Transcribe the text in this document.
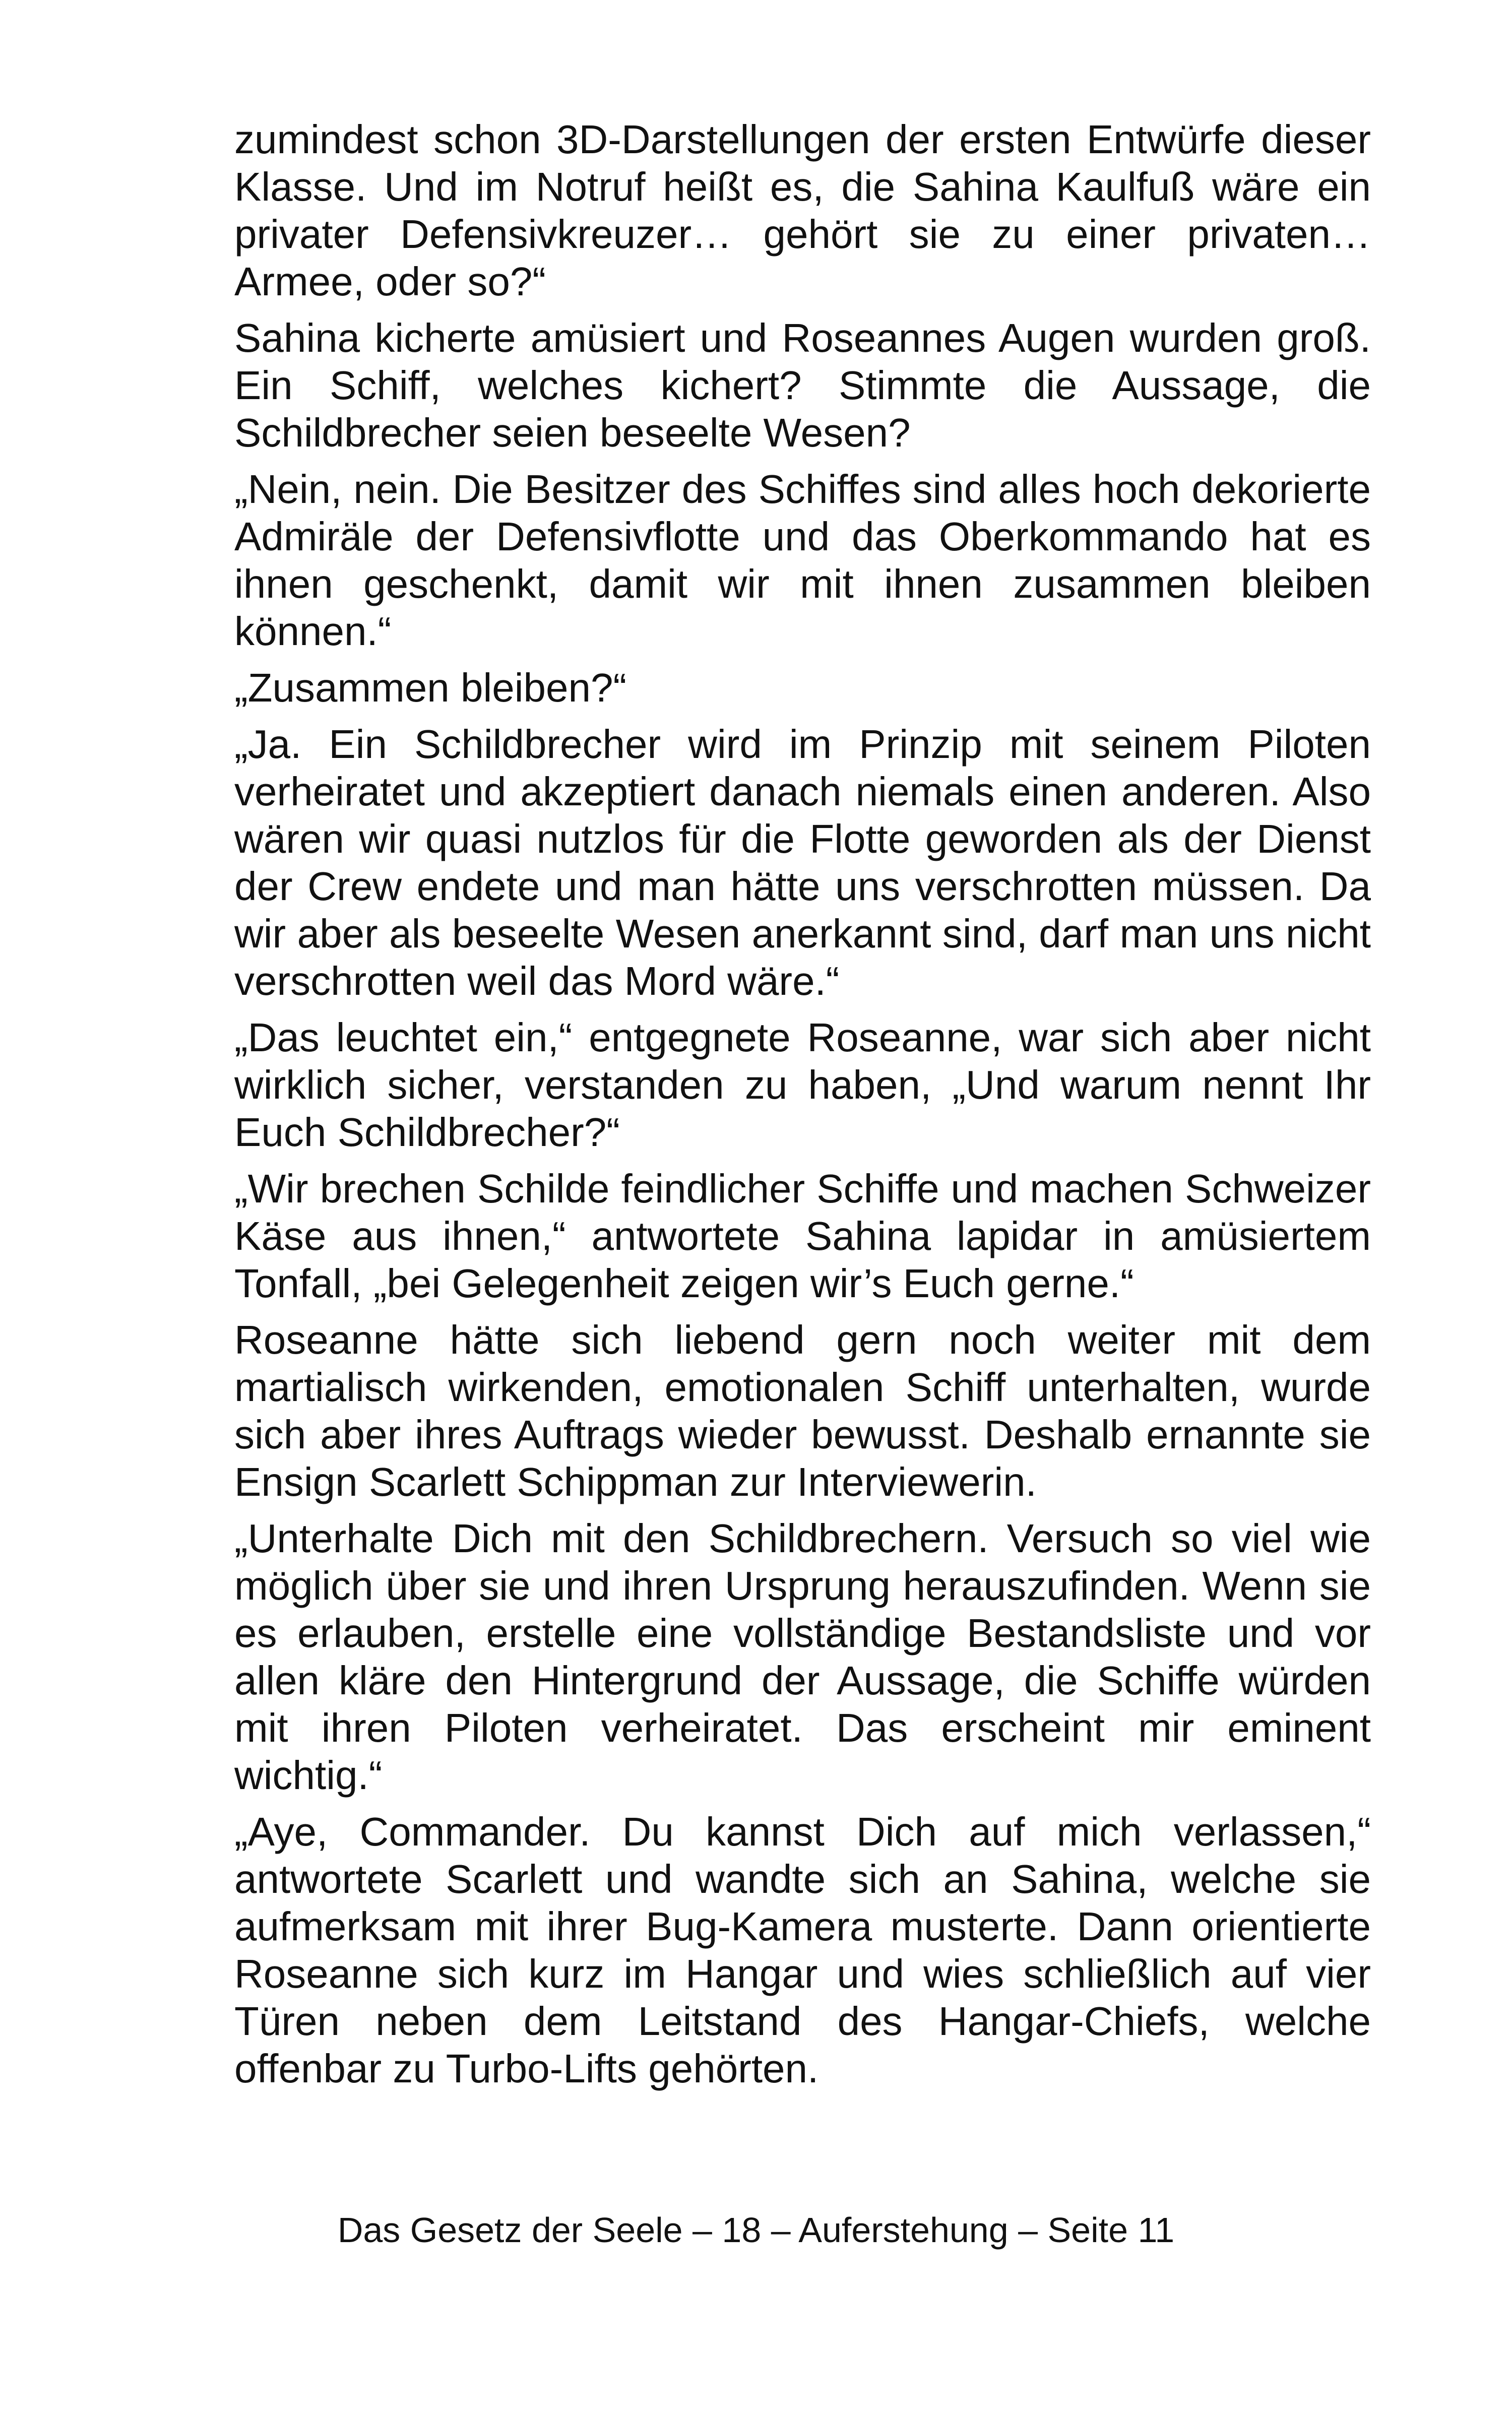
zumindest schon 3D-Darstellungen der ersten Entwürfe dieser Klasse. Und im Notruf heißt es, die Sahina Kaulfuß wäre ein privater Defensivkreuzer… gehört sie zu einer privaten… Armee, oder so?“

Sahina kicherte amüsiert und Roseannes Augen wurden groß. Ein Schiff, welches kichert? Stimmte die Aussage, die Schildbrecher seien beseelte Wesen?

„Nein, nein. Die Besitzer des Schiffes sind alles hoch dekorierte Admiräle der Defensivflotte und das Oberkommando hat es ihnen geschenkt, damit wir mit ihnen zusammen bleiben können.“

„Zusammen bleiben?“

„Ja. Ein Schildbrecher wird im Prinzip mit seinem Piloten verheiratet und akzeptiert danach niemals einen anderen. Also wären wir quasi nutzlos für die Flotte geworden als der Dienst der Crew endete und man hätte uns verschrotten müssen. Da wir aber als beseelte Wesen anerkannt sind, darf man uns nicht verschrotten weil das Mord wäre.“

„Das leuchtet ein,“ entgegnete Roseanne, war sich aber nicht wirklich sicher, verstanden zu haben, „Und warum nennt Ihr Euch Schildbrecher?“

„Wir brechen Schilde feindlicher Schiffe und machen Schweizer Käse aus ihnen,“ antwortete Sahina lapidar in amüsiertem Tonfall, „bei Gelegenheit zeigen wir’s Euch gerne.“

Roseanne hätte sich liebend gern noch weiter mit dem martialisch wirkenden, emotionalen Schiff unterhalten, wurde sich aber ihres Auftrags wieder bewusst. Deshalb ernannte sie Ensign Scarlett Schippman zur Interviewerin.

„Unterhalte Dich mit den Schildbrechern. Versuch so viel wie möglich über sie und ihren Ursprung herauszufinden. Wenn sie es erlauben, erstelle eine vollständige Bestandsliste und vor allen kläre den Hintergrund der Aussage, die Schiffe würden mit ihren Piloten verheiratet. Das erscheint mir eminent wichtig.“

„Aye, Commander. Du kannst Dich auf mich verlassen,“ antwortete Scarlett und wandte sich an Sahina, welche sie aufmerksam mit ihrer Bug-Kamera musterte. Dann orientierte Roseanne sich kurz im Hangar und wies schließlich auf vier Türen neben dem Leitstand des Hangar-Chiefs, welche offenbar zu Turbo-Lifts gehörten.

Das Gesetz der Seele – 18 – Auferstehung – Seite 11
